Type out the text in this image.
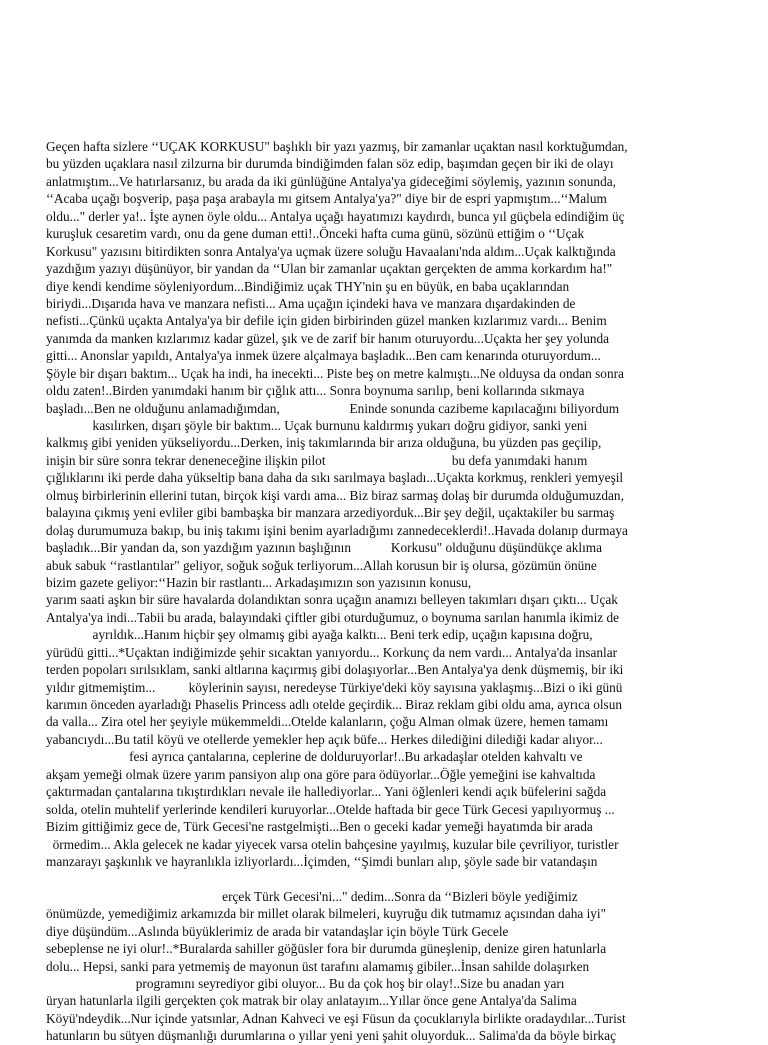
Geçen hafta sizlere ‘‘UÇAK KORKUSU" başlıklı bir yazı yazmış, bir zamanlar uçaktan nasıl korktuğumdan,
bu yüzden uçaklara nasıl zilzurna bir durumda bindiğimden falan söz edip, başımdan geçen bir iki de olayı
anlatmıştım...Ve hatırlarsanız, bu arada da iki günlüğüne Antalya'ya gideceğimi söylemiş, yazının sonunda,
‘‘Acaba uçağı boşverip, paşa paşa arabayla mı gitsem Antalya'ya?" diye bir de espri yapmıştım...‘‘Malum
oldu..." derler ya!.. İşte aynen öyle oldu... Antalya uçağı hayatımızı kaydırdı, bunca yıl güçbela edindiğim üç
kuruşluk cesaretim vardı, onu da gene duman etti!..Önceki hafta cuma günü, sözünü ettiğim o ‘‘Uçak
Korkusu" yazısını bitirdikten sonra Antalya'ya uçmak üzere soluğu Havaalanı'nda aldım...Uçak kalktığında
yazdığım yazıyı düşünüyor, bir yandan da ‘‘Ulan bir zamanlar uçaktan gerçekten de amma korkardım ha!"
diye kendi kendime söyleniyordum...Bindiğimiz uçak THY'nin şu en büyük, en baba uçaklarından
biriydi...Dışarıda hava ve manzara nefisti... Ama uçağın içindeki hava ve manzara dışardakinden de
nefisti...Çünkü uçakta Antalya'ya bir defile için giden birbirinden güzel manken kızlarımız vardı... Benim
yanımda da manken kızlarımız kadar güzel, şık ve de zarif bir hanım oturuyordu...Uçakta her şey yolunda
gitti... Anonslar yapıldı, Antalya'ya inmek üzere alçalmaya başladık...Ben cam kenarında oturuyordum...
Şöyle bir dışarı baktım... Uçak ha indi, ha inecekti... Piste beş on metre kalmıştı...Ne olduysa da ondan sonra
oldu zaten!..Birden yanımdaki hanım bir çığlık attı... Sonra boynuma sarılıp, beni kollarında sıkmaya
başladı...Ben ne olduğunu anlamadığımdan,                     Eninde sonunda cazibeme kapılacağını biliyordum
kasılırken, dışarı şöyle bir baktım... Uçak burnunu kaldırmış yukarı doğru gidiyor, sanki yeni
kalkmış gibi yeniden yükseliyordu...Derken, iniş takımlarında bir arıza olduğuna, bu yüzden pas geçilip,
inişin bir süre sonra tekrar deneneceğine ilişkin pilot                                      bu defa yanımdaki hanım
çığlıklarını iki perde daha yükseltip bana daha da sıkı sarılmaya başladı...Uçakta korkmuş, renkleri yemyeşil
olmuş birbirlerinin ellerini tutan, birçok kişi vardı ama... Biz biraz sarmaş dolaş bir durumda olduğumuzdan,
balayına çıkmış yeni evliler gibi bambaşka bir manzara arzediyorduk...Bir şey değil, uçaktakiler bu sarmaş
dolaş durumumuza bakıp, bu iniş takımı işini benim ayarladığımı zannedeceklerdi!..Havada dolanıp durmaya
başladık...Bir yandan da, son yazdığım yazının başlığının            Korkusu" olduğunu düşündükçe aklıma
abuk sabuk ‘‘rastlantılar" geliyor, soğuk soğuk terliyorum...Allah korusun bir iş olursa, gözümün önüne
bizim gazete geliyor:‘‘Hazin bir rastlantı... Arkadaşımızın son yazısının konusu,
yarım saati aşkın bir süre havalarda dolandıktan sonra uçağın anamızı belleyen takımları dışarı çıktı... Uçak
Antalya'ya indi...Tabii bu arada, balayındaki çiftler gibi oturduğumuz, o boynuma sarılan hanımla ikimiz de
ayrıldık...Hanım hiçbir şey olmamış gibi ayağa kalktı... Beni terk edip, uçağın kapısına doğru,
yürüdü gitti...*Uçaktan indiğimizde şehir sıcaktan yanıyordu... Korkunç da nem vardı... Antalya'da insanlar
terden popoları sırılsıklam, sanki altlarına kaçırmış gibi dolaşıyorlar...Ben Antalya'ya denk düşmemiş, bir iki
yıldır gitmemiştim...          köylerinin sayısı, neredeyse Türkiye'deki köy sayısına yaklaşmış...Bizi o iki günü
karımın önceden ayarladığı Phaselis Princess adlı otelde geçirdik... Biraz reklam gibi oldu ama, ayrıca olsun
da valla... Zira otel her şeyiyle mükemmeldi...Otelde kalanların, çoğu Alman olmak üzere, hemen tamamı
yabancıydı...Bu tatil köyü ve otellerde yemekler hep açık büfe... Herkes dilediğini dilediği kadar alıyor...
fesi ayrıca çantalarına, ceplerine de dolduruyorlar!..Bu arkadaşlar otelden kahvaltı ve
akşam yemeği olmak üzere yarım pansiyon alıp ona göre para ödüyorlar...Öğle yemeğini ise kahvaltıda
çaktırmadan çantalarına tıkıştırdıkları nevale ile hallediyorlar... Yani öğlenleri kendi açık büfelerini sağda
solda, otelin muhtelif yerlerinde kendileri kuruyorlar...Otelde haftada bir gece Türk Gecesi yapılıyormuş ...
Bizim gittiğimiz gece de, Türk Gecesi'ne rastgelmişti...Ben o geceki kadar yemeği hayatımda bir arada
örmedim... Akla gelecek ne kadar yiyecek varsa otelin bahçesine yayılmış, kuzular bile çevriliyor, turistler
manzarayı şaşkınlık ve hayranlıkla izliyorlardı...İçimden, ‘‘Şimdi bunları alıp, şöyle sade bir vatandaşın
erçek Türk Gecesi'ni..." dedim...Sonra da ‘‘Bizleri böyle yediğimiz
önümüzde, yemediğimiz arkamızda bir millet olarak bilmeleri, kuyruğu dik tutmamız açısından daha iyi"
diye düşündüm...Aslında büyüklerimiz de arada bir vatandaşlar için böyle Türk Gecele
sebeplense ne iyi olur!..*Buralarda sahiller göğüsler fora bir durumda güneşlenip, denize giren hatunlarla
dolu... Hepsi, sanki para yetmemiş de mayonun üst tarafını alamamış gibiler...İnsan sahilde dolaşırken
programını seyrediyor gibi oluyor... Bu da çok hoş bir olay!..Size bu anadan yarı
üryan hatunlarla ilgili gerçekten çok matrak bir olay anlatayım...Yıllar önce gene Antalya'da Salima
Köyü'ndeydik...Nur içinde yatsınlar, Adnan Kahveci ve eşi Füsun da çocuklarıyla birlikte oradaydılar...Turist
hatunların bu sütyen düşmanlığı durumlarına o yıllar yeni yeni şahit oluyorduk... Salima'da da böyle birkaç
